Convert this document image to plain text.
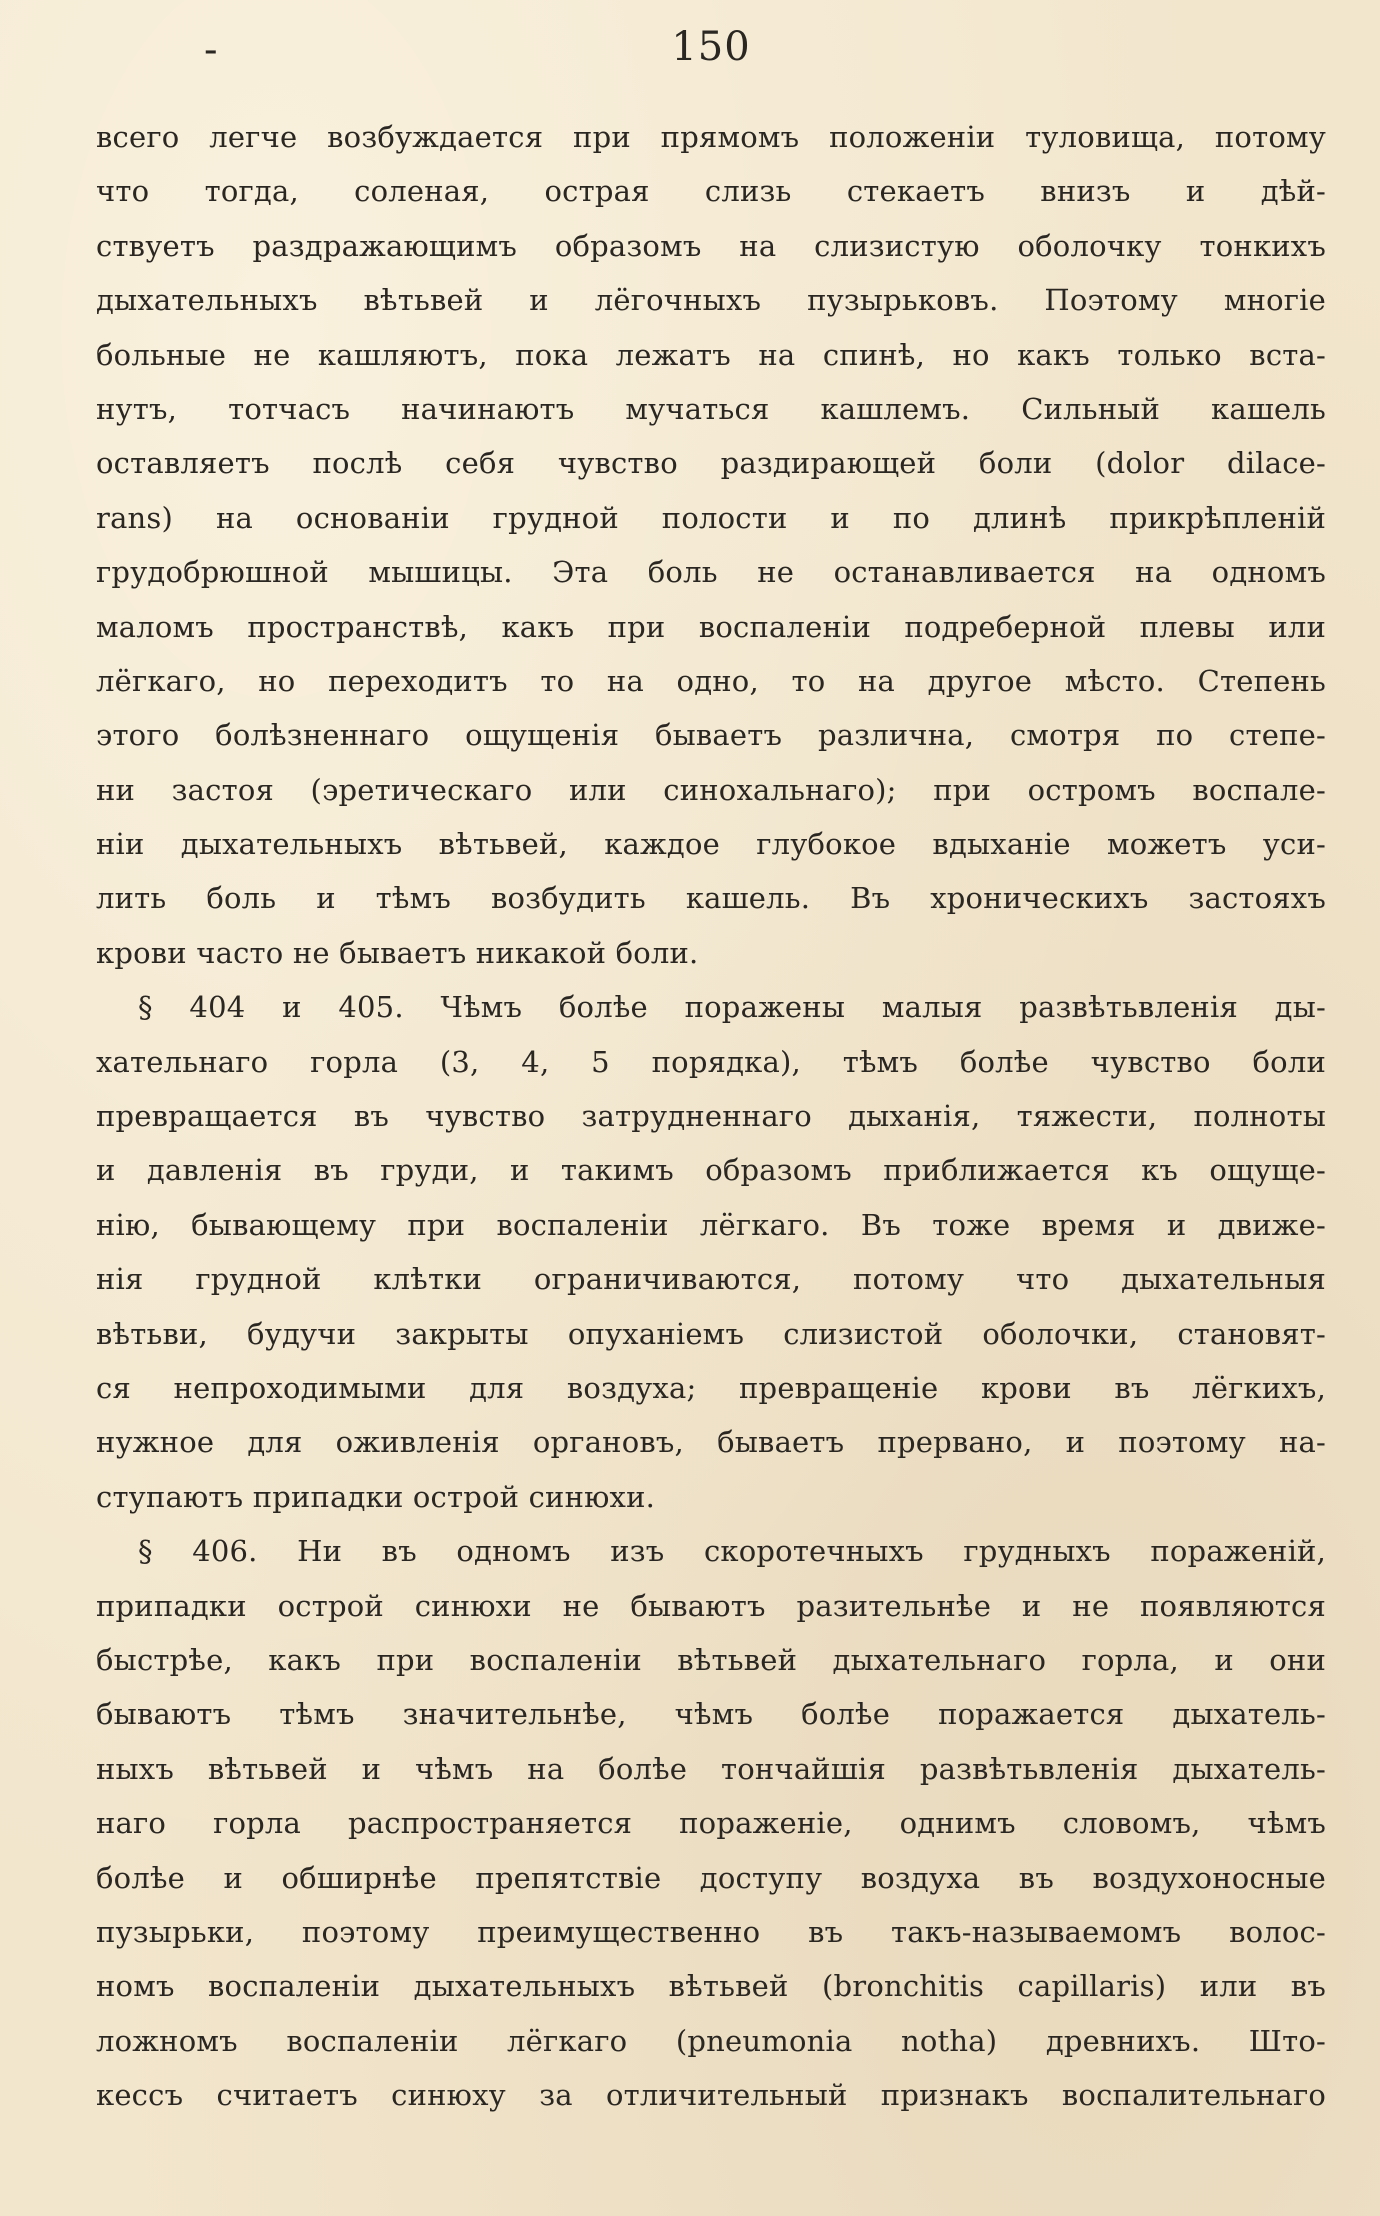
-	150
всего легче возбуждается при прямомъ положеніи туловища, потому
что тогда, соленая, острая слизь стекаетъ внизъ и дѣй-
ствуетъ раздражающимъ образомъ на слизистую оболочку тонкихъ
дыхательныхъ вѣтьвей и лёгочныхъ пузырьковъ. Поэтому многіе
больные не кашляютъ, пока лежатъ на спинѣ, но какъ только вста-
нутъ, тотчасъ начинаютъ мучаться кашлемъ. Сильный кашель
оставляетъ послѣ себя чувство раздирающей боли (dolor dilace-
rans) на основаніи грудной полости и по длинѣ прикрѣпленій
грудобрюшной мышицы. Эта боль не останавливается на одномъ
маломъ пространствѣ, какъ при воспаленіи подреберной плевы или
лёгкаго, но переходитъ то на одно, то на другое мѣсто. Степень
этого болѣзненнаго ощущенія бываетъ различна, смотря по степе-
ни застоя (эретическаго или синохальнаго); при остромъ воспале-
ніи дыхательныхъ вѣтьвей, каждое глубокое вдыханіе можетъ уси-
лить боль и тѣмъ возбудить кашель. Въ хроническихъ застояхъ
крови часто не бываетъ никакой боли.
§ 404 и 405. Чѣмъ болѣе поражены малыя развѣтьвленія ды-
хательнаго горла (3, 4, 5 порядка), тѣмъ болѣе чувство боли
превращается въ чувство затрудненнаго дыханія, тяжести, полноты
и давленія въ груди, и такимъ образомъ приближается къ ощуще-
нію, бывающему при воспаленіи лёгкаго. Въ тоже время и движе-
нія грудной клѣтки ограничиваются, потому что дыхательныя
вѣтьви, будучи закрыты опуханіемъ слизистой оболочки, становят-
ся непроходимыми для воздуха; превращеніе крови въ лёгкихъ,
нужное для оживленія органовъ, бываетъ прервано, и поэтому на-
ступаютъ припадки острой синюхи.
§ 406. Ни въ одномъ изъ скоротечныхъ грудныхъ пораженій,
припадки острой синюхи не бываютъ разительнѣе и не появляются
быстрѣе, какъ при воспаленіи вѣтьвей дыхательнаго горла, и они
бываютъ тѣмъ значительнѣе, чѣмъ болѣе поражается дыхатель-
ныхъ вѣтьвей и чѣмъ на болѣе тончайшія развѣтьвленія дыхатель-
наго горла распространяется пораженіе, однимъ словомъ, чѣмъ
болѣе и обширнѣе препятствіе доступу воздуха въ воздухоносные
пузырьки, поэтому преимущественно въ такъ-называемомъ волос-
номъ воспаленіи дыхательныхъ вѣтьвей (bronchitis capillaris) или въ
ложномъ воспаленіи лёгкаго (pneumonia notha) древнихъ. Што-
кессъ считаетъ синюху за отличительный признакъ воспалительнаго
